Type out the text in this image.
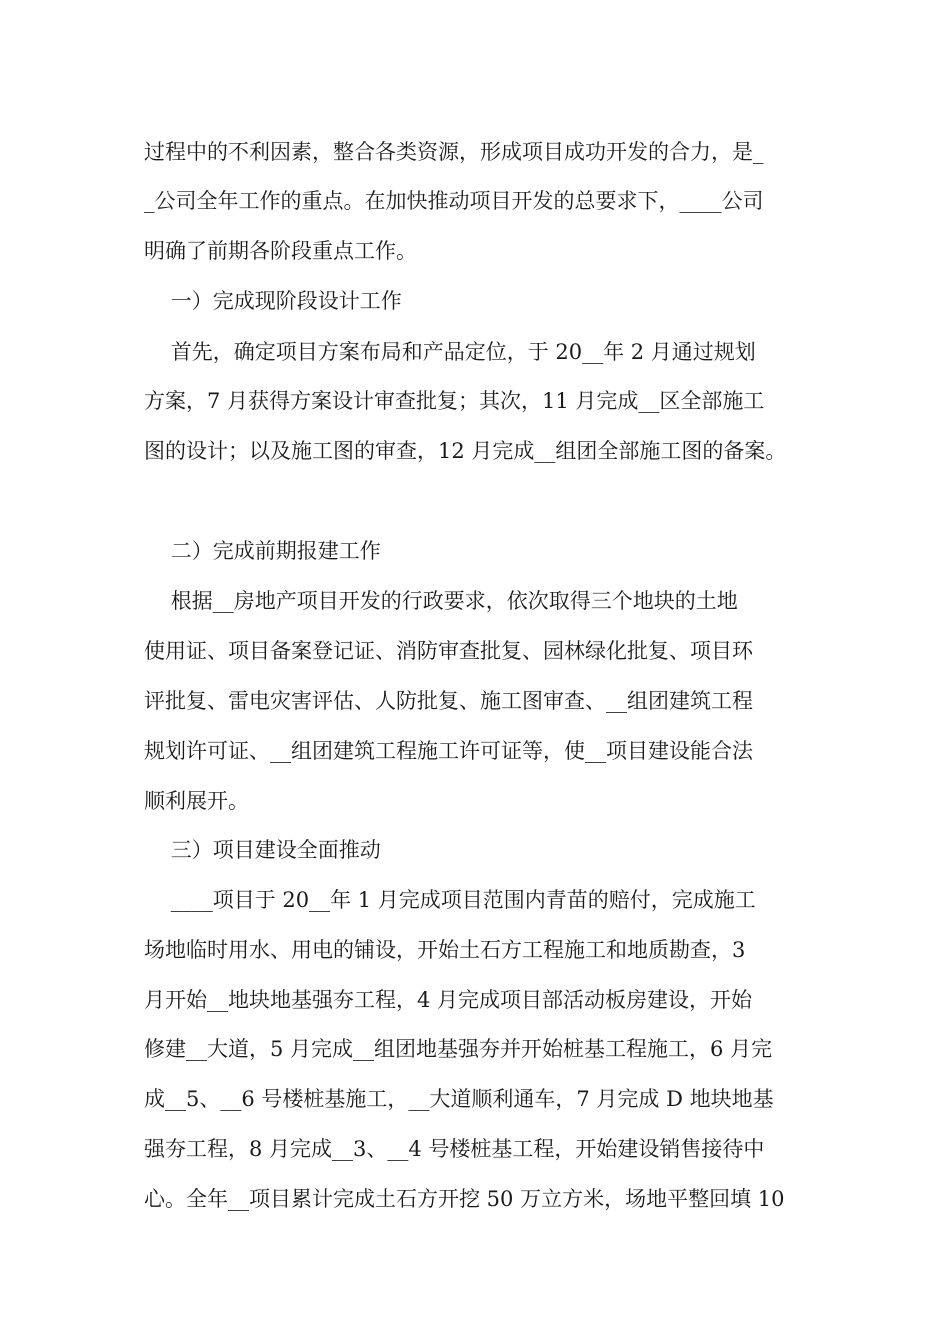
过程中的不利因素，整合各类资源，形成项目成功开发的合力，是_
_公司全年工作的重点。在加快推动项目开发的总要求下，____公司
明确了前期各阶段重点工作。
一）完成现阶段设计工作
首先，确定项目方案布局和产品定位，于 20__年 2 月通过规划
方案，7 月获得方案设计审查批复；其次，11 月完成__区全部施工
图的设计；以及施工图的审查，12 月完成__组团全部施工图的备案。
二）完成前期报建工作
根据__房地产项目开发的行政要求，依次取得三个地块的土地
使用证、项目备案登记证、消防审查批复、园林绿化批复、项目环
评批复、雷电灾害评估、人防批复、施工图审查、__组团建筑工程
规划许可证、__组团建筑工程施工许可证等，使__项目建设能合法
顺利展开。
三）项目建设全面推动
____项目于 20__年 1 月完成项目范围内青苗的赔付，完成施工
场地临时用水、用电的铺设，开始土石方工程施工和地质勘查，3
月开始__地块地基强夯工程，4 月完成项目部活动板房建设，开始
修建__大道，5 月完成__组团地基强夯并开始桩基工程施工，6 月完
成__5、__6 号楼桩基施工，__大道顺利通车，7 月完成 D 地块地基
强夯工程，8 月完成__3、__4 号楼桩基工程，开始建设销售接待中
心。全年__项目累计完成土石方开挖 50 万立方米，场地平整回填 10
